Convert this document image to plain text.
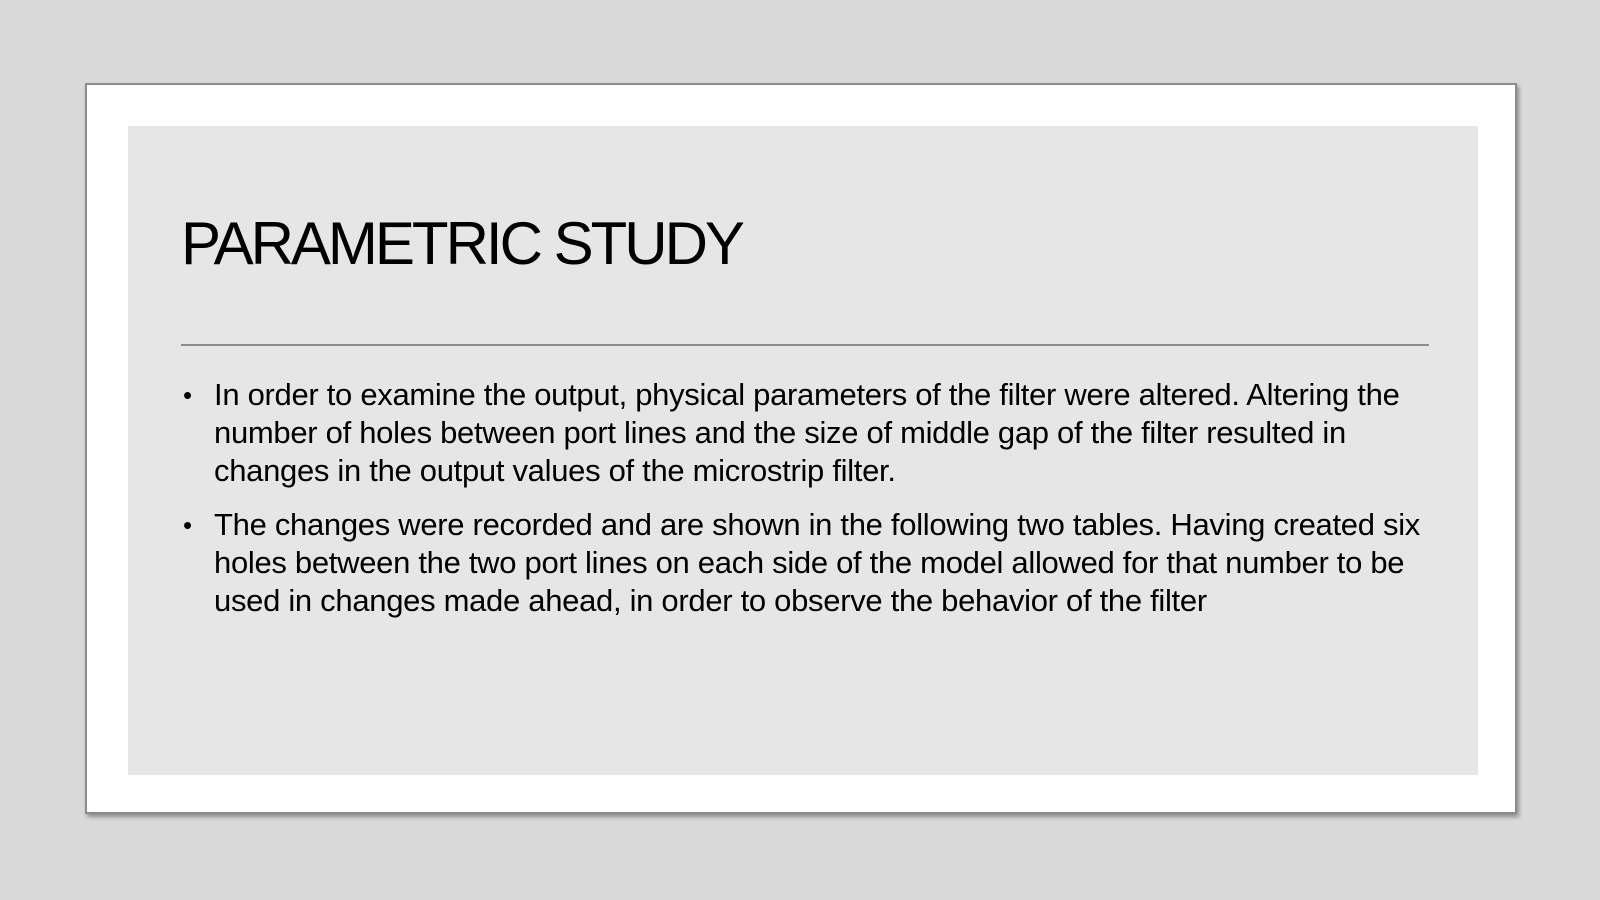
PARAMETRIC STUDY
• In order to examine the output, physical parameters of the filter were altered. Altering the number of holes between port lines and the size of middle gap of the filter resulted in changes in the output values of the microstrip filter.
• The changes were recorded and are shown in the following two tables. Having created six holes between the two port lines on each side of the model allowed for that number to be used in changes made ahead, in order to observe the behavior of the filter
